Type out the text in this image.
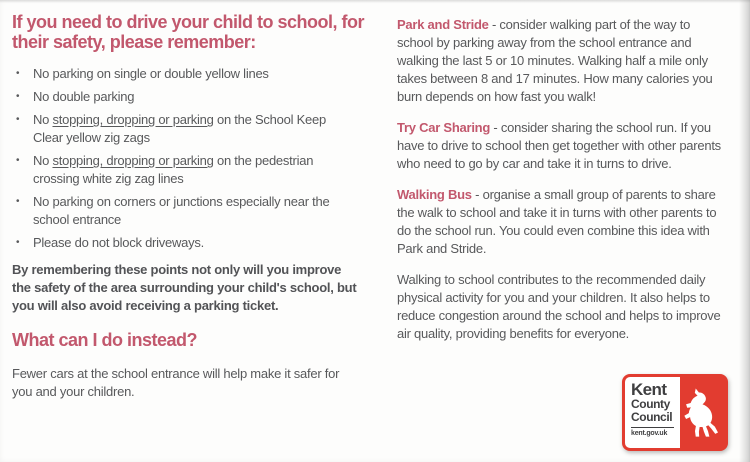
If you need to drive your child to school, for their safety, please remember:
•	No parking on single or double yellow lines
•	No double parking
•	No stopping, dropping or parking on the School Keep Clear yellow zig zags
•	No stopping, dropping or parking on the pedestrian crossing white zig zag lines
•	No parking on corners or junctions especially near the school entrance
•	Please do not block driveways.

By remembering these points not only will you improve the safety of the area surrounding your child's school, but you will also avoid receiving a parking ticket.

What can I do instead?

Fewer cars at the school entrance will help make it safer for you and your children.

Park and Stride - consider walking part of the way to school by parking away from the school entrance and walking the last 5 or 10 minutes. Walking half a mile only takes between 8 and 17 minutes. How many calories you burn depends on how fast you walk!

Try Car Sharing - consider sharing the school run. If you have to drive to school then get together with other parents who need to go by car and take it in turns to drive.

Walking Bus - organise a small group of parents to share the walk to school and take it in turns with other parents to do the school run. You could even combine this idea with Park and Stride.

Walking to school contributes to the recommended daily physical activity for you and your children. It also helps to reduce congestion around the school and helps to improve air quality, providing benefits for everyone.

Kent
County
Council
kent.gov.uk
